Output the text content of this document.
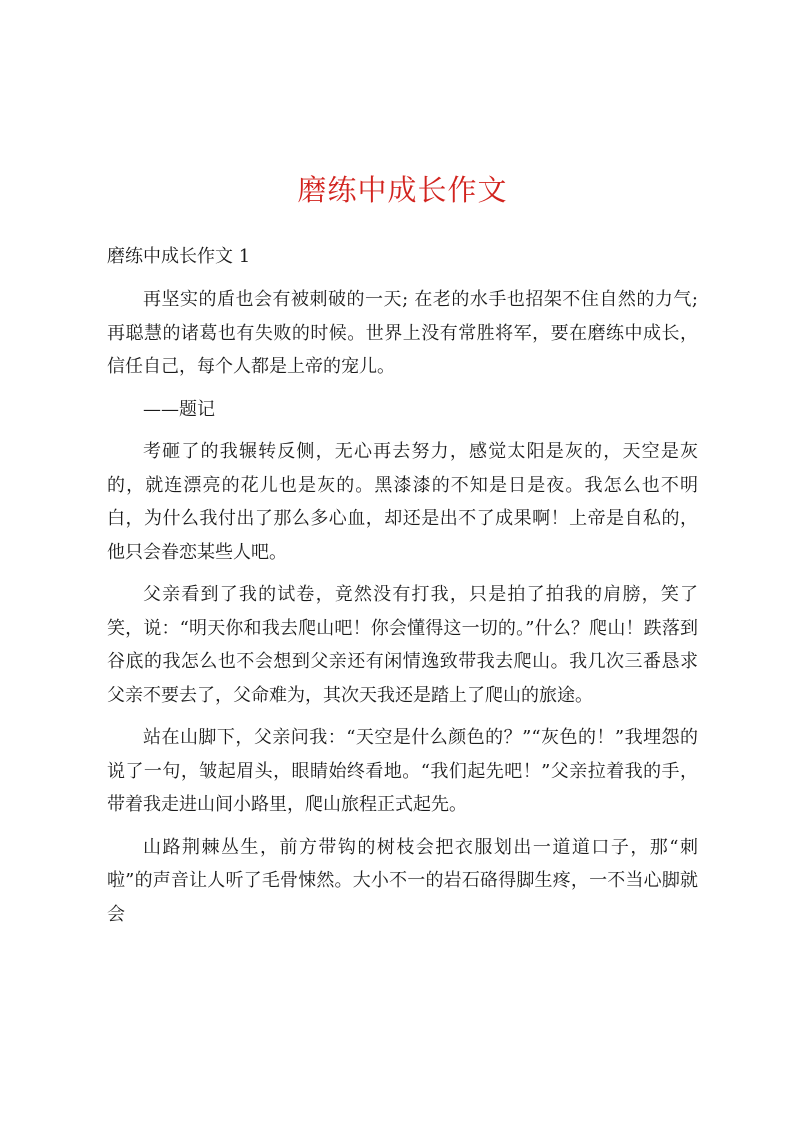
磨练中成长作文
磨练中成长作文 1

再坚实的盾也会有被刺破的一天; 在老的水手也招架不住自然的力气; 再聪慧的诸葛也有失败的时候。世界上没有常胜将军，要在磨练中成长，信任自己，每个人都是上帝的宠儿。

——题记

考砸了的我辗转反侧，无心再去努力，感觉太阳是灰的，天空是灰的，就连漂亮的花儿也是灰的。黑漆漆的不知是日是夜。我怎么也不明白，为什么我付出了那么多心血，却还是出不了成果啊！上帝是自私的，他只会眷恋某些人吧。

父亲看到了我的试卷，竟然没有打我，只是拍了拍我的肩膀，笑了笑，说：“明天你和我去爬山吧！你会懂得这一切的。”什么？爬山！跌落到谷底的我怎么也不会想到父亲还有闲情逸致带我去爬山。我几次三番恳求父亲不要去了，父命难为，其次天我还是踏上了爬山的旅途。

站在山脚下，父亲问我：“天空是什么颜色的？”“灰色的！”我埋怨的说了一句，皱起眉头，眼睛始终看地。“我们起先吧！”父亲拉着我的手，带着我走进山间小路里，爬山旅程正式起先。

山路荆棘丛生，前方带钩的树枝会把衣服划出一道道口子，那“刺啦”的声音让人听了毛骨悚然。大小不一的岩石硌得脚生疼，一不当心脚就会
